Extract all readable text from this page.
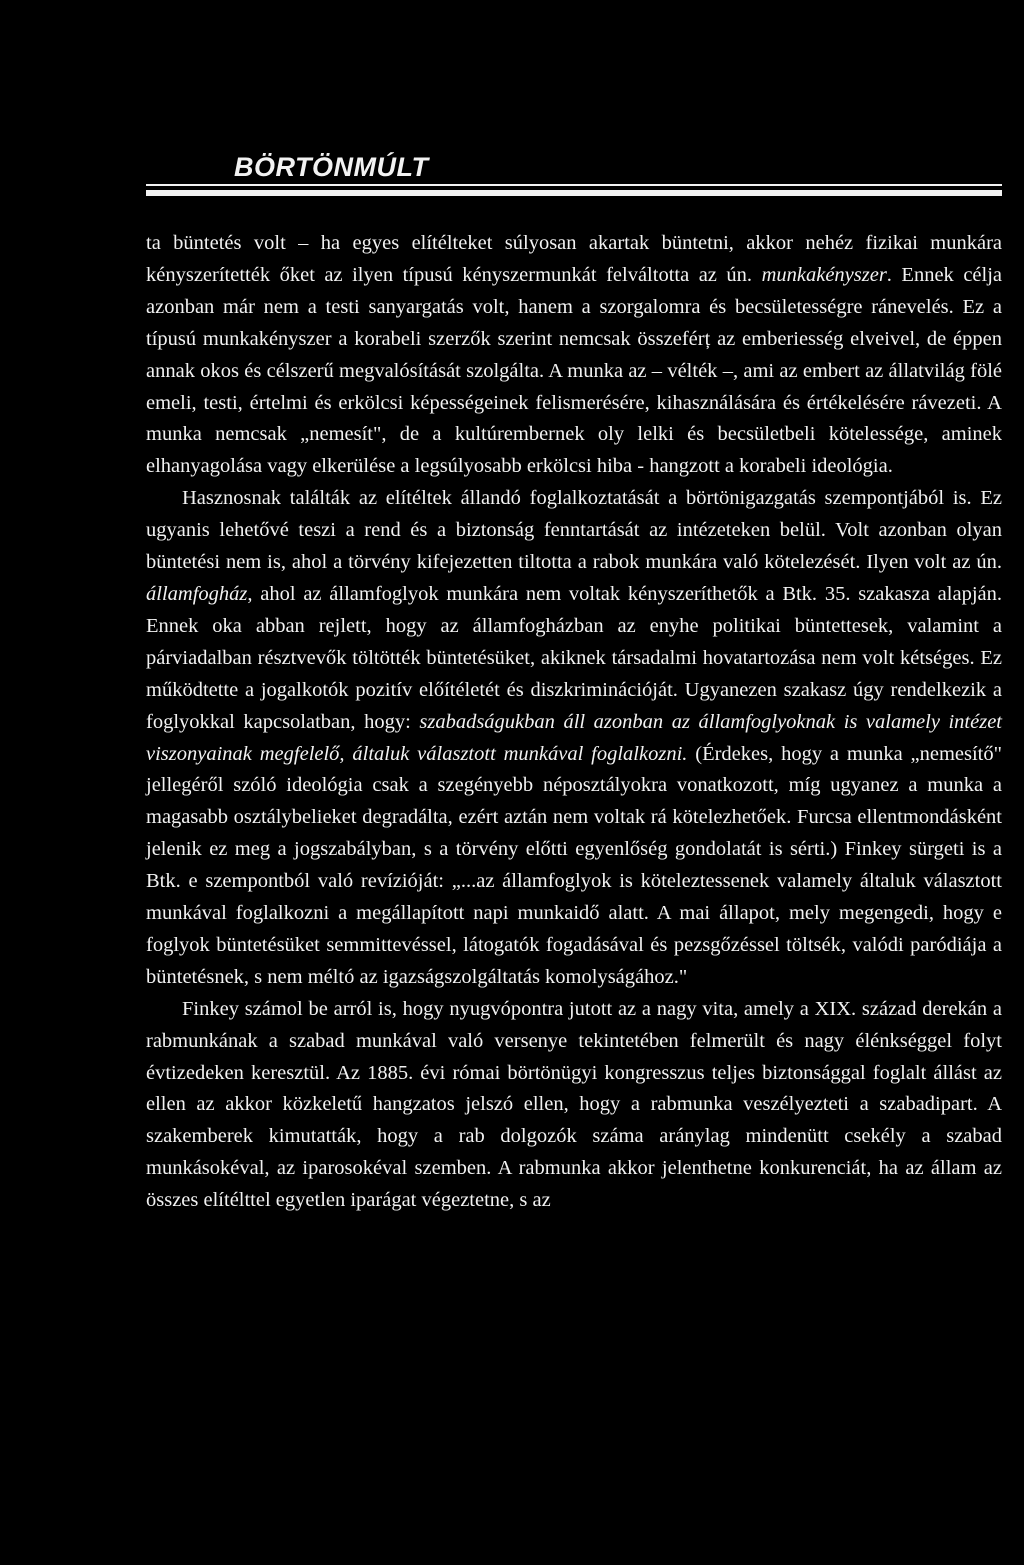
BÖRTÖNMÚLT

ta büntetés volt – ha egyes elítélteket súlyosan akartak büntetni, akkor nehéz fizikai munkára kényszerítették őket az ilyen típusú kényszermunkát felváltotta az ún. munkakényszer. Ennek célja azonban már nem a testi sanyargatás volt, hanem a szorgalomra és becsületességre ránevelés. Ez a típusú munkakényszer a korabeli szerzők szerint nemcsak összeférț az emberiesség elveivel, de éppen annak okos és célszerű megvalósítását szolgálta. A munka az – vélték –, ami az embert az állatvilág fölé emeli, testi, értelmi és erkölcsi képességeinek felismerésére, kihasználására és értékelésére rávezeti. A munka nemcsak „nemesít", de a kultúrembernek oly lelki és becsületbeli kötelessége, aminek elhanyagolása vagy elkerülése a legsúlyosabb erkölcsi hiba - hangzott a korabeli ideológia.

Hasznosnak találták az elítéltek állandó foglalkoztatását a börtönigazgatás szempontjából is. Ez ugyanis lehetővé teszi a rend és a biztonság fenntartását az intézeteken belül. Volt azonban olyan büntetési nem is, ahol a törvény kifejezetten tiltotta a rabok munkára való kötelezését. Ilyen volt az ún. államfogház, ahol az államfoglyok munkára nem voltak kényszeríthetők a Btk. 35. szakasza alapján. Ennek oka abban rejlett, hogy az államfogházban az enyhe politikai büntettesek, valamint a párviadalban résztvevők töltötték büntetésüket, akiknek társadalmi hovatartozása nem volt kétséges. Ez működtette a jogalkotók pozitív előítéletét és diszkriminációját. Ugyanezen szakasz úgy rendelkezik a foglyokkal kapcsolatban, hogy: szabadságukban áll azonban az államfoglyoknak is valamely intézet viszonyainak megfelelő, általuk választott munkával foglalkozni. (Érdekes, hogy a munka „nemesítő" jellegéről szóló ideológia csak a szegényebb néposztályokra vonatkozott, míg ugyanez a munka a magasabb osztálybelieket degradálta, ezért aztán nem voltak rá kötelezhetőek. Furcsa ellentmondásként jelenik ez meg a jogszabályban, s a törvény előtti egyenlőség gondolatát is sérti.) Finkey sürgeti is a Btk. e szempontból való revízióját: „...az államfoglyok is köteleztessenek valamely általuk választott munkával foglalkozni a megállapított napi munkaidő alatt. A mai állapot, mely megengedi, hogy e foglyok büntetésüket semmittevéssel, látogatók fogadásával és pezsgőzéssel töltsék, valódi paródiája a büntetésnek, s nem méltó az igazságszolgáltatás komolyságához."

Finkey számol be arról is, hogy nyugvópontra jutott az a nagy vita, amely a XIX. század derekán a rabmunkának a szabad munkával való versenye tekintetében felmerült és nagy élénkséggel folyt évtizedeken keresztül. Az 1885. évi római börtönügyi kongresszus teljes biztonsággal foglalt állást az ellen az akkor közkeletű hangzatos jelszó ellen, hogy a rabmunka veszélyezteti a szabadipart. A szakemberek kimutatták, hogy a rab dolgozók száma aránylag mindenütt csekély a szabad munkásokéval, az iparosokéval szemben. A rabmunka akkor jelenthetne konkurenciát, ha az állam az összes elítélttel egyetlen iparágat végeztetne, s az
